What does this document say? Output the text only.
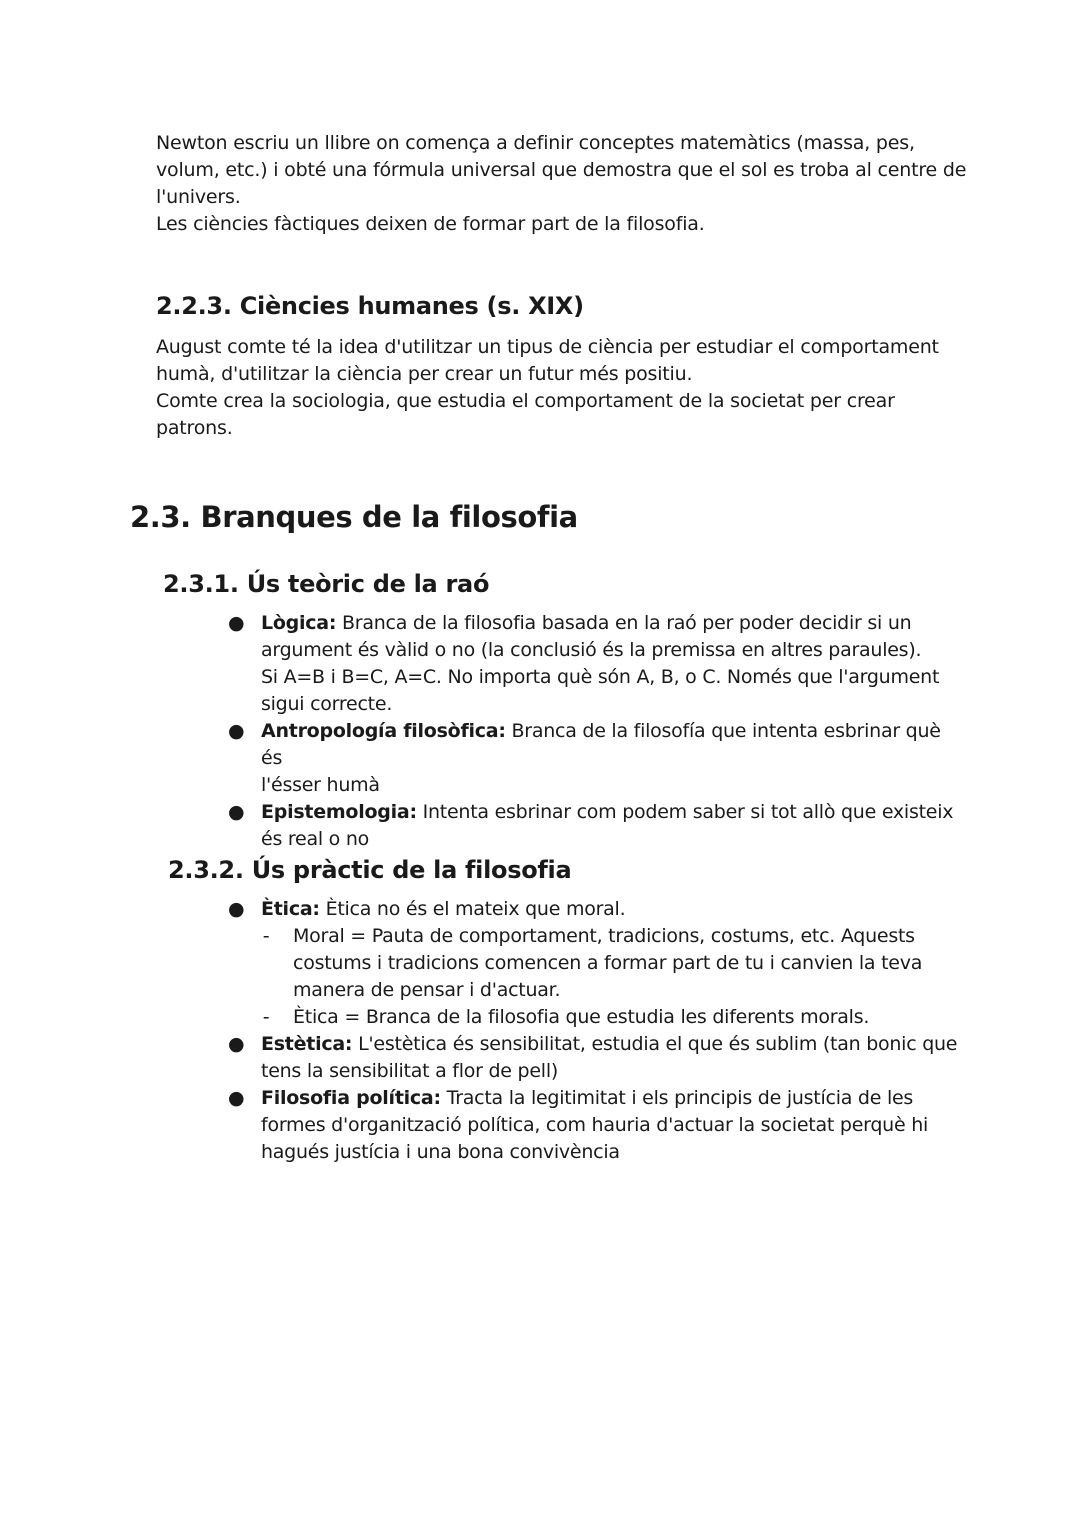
Newton escriu un llibre on comença a definir conceptes matemàtics (massa, pes,

volum, etc.) i obté una fórmula universal que demostra que el sol es troba al centre de

l'univers.

Les ciències fàctiques deixen de formar part de la filosofia.

2.2.3. Ciències humanes (s. XIX)

August comte té la idea d'utilitzar un tipus de ciència per estudiar el comportament

humà, d'utilitzar la ciència per crear un futur més positiu.

Comte crea la sociologia, que estudia el comportament de la societat per crear

patrons.

2.3. Branques de la filosofia
2.3.1. Ús teòric de la raó
● Lògica: Branca de la filosofia basada en la raó per poder decidir si un
argument és vàlid o no (la conclusió és la premissa en altres paraules).
Si A=B i B=C, A=C. No importa què són A, B, o C. Només que l'argument
sigui correcte.
● Antropología filosòfica: Branca de la filosofía que intenta esbrinar què és
l'ésser humà
● Epistemologia: Intenta esbrinar com podem saber si tot allò que existeix
és real o no
2.3.2. Ús pràctic de la filosofia
● Ètica: Ètica no és el mateix que moral.
- Moral = Pauta de comportament, tradicions, costums, etc. Aquests
costums i tradicions comencen a formar part de tu i canvien la teva
manera de pensar i d'actuar.
- Ètica = Branca de la filosofia que estudia les diferents morals.
● Estètica: L'estètica és sensibilitat, estudia el que és sublim (tan bonic que
tens la sensibilitat a flor de pell)
● Filosofia política: Tracta la legitimitat i els principis de justícia de les
formes d'organització política, com hauria d'actuar la societat perquè hi
hagués justícia i una bona convivència
